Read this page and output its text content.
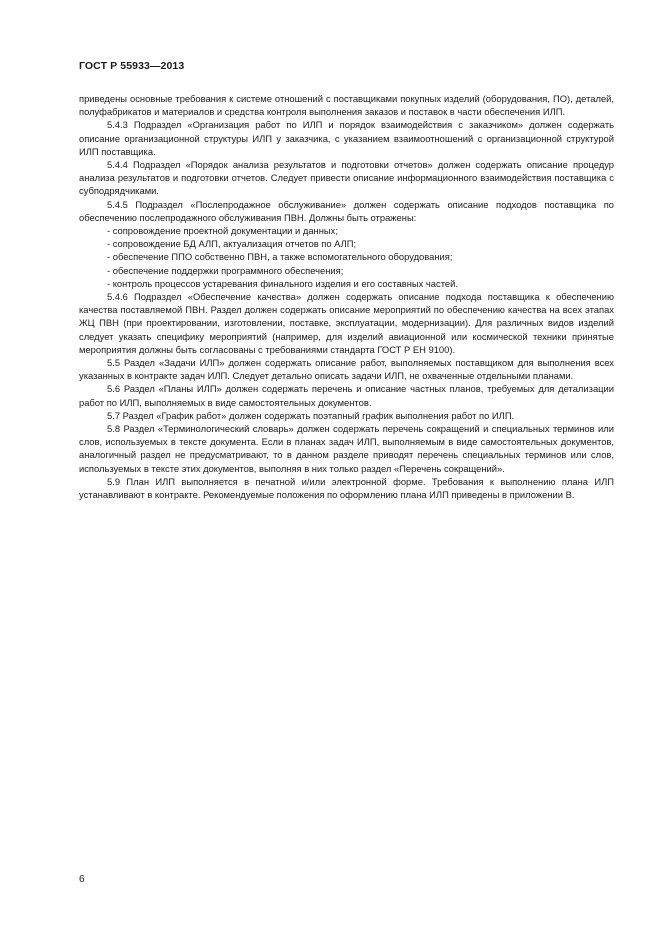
ГОСТ Р 55933—2013

приведены основные требования к системе отношений с поставщиками покупных изделий (оборудования, ПО), деталей, полуфабрикатов и материалов и средства контроля выполнения заказов и поставок в части обеспечения ИЛП.

5.4.3 Подраздел «Организация работ по ИЛП и порядок взаимодействия с заказчиком» должен содержать описание организационной структуры ИЛП у заказчика, с указанием взаимоотношений с организационной структурой ИЛП поставщика.

5.4.4 Подраздел «Порядок анализа результатов и подготовки отчетов» должен содержать описание процедур анализа результатов и подготовки отчетов. Следует привести описание информационного взаимодействия поставщика с субподрядчиками.

5.4.5 Подраздел «Послепродажное обслуживание» должен содержать описание подходов поставщика по обеспечению послепродажного обслуживания ПВН. Должны быть отражены:

- сопровождение проектной документации и данных;
- сопровождение БД АЛП, актуализация отчетов по АЛП;
- обеспечение ППО собственно ПВН, а также вспомогательного оборудования;
- обеспечение поддержки программного обеспечения;
- контроль процессов устаревания финального изделия и его составных частей.

5.4.6 Подраздел «Обеспечение качества» должен содержать описание подхода поставщика к обеспечению качества поставляемой ПВН. Раздел должен содержать описание мероприятий по обеспечению качества на всех этапах ЖЦ ПВН (при проектировании, изготовлении, поставке, эксплуатации, модернизации). Для различных видов изделий следует указать специфику мероприятий (например, для изделий авиационной или космической техники принятые мероприятия должны быть согласованы с требованиями стандарта ГОСТ Р ЕН 9100).

5.5 Раздел «Задачи ИЛП» должен содержать описание работ, выполняемых поставщиком для выполнения всех указанных в контракте задач ИЛП. Следует детально описать задачи ИЛП, не охваченные отдельными планами.

5.6 Раздел «Планы ИЛП» должен содержать перечень и описание частных планов, требуемых для детализации работ по ИЛП, выполняемых в виде самостоятельных документов.

5.7 Раздел «График работ» должен содержать поэтапный график выполнения работ по ИЛП.

5.8 Раздел «Терминологический словарь» должен содержать перечень сокращений и специальных терминов или слов, используемых в тексте документа. Если в планах задач ИЛП, выполняемым в виде самостоятельных документов, аналогичный раздел не предусматривают, то в данном разделе приводят перечень специальных терминов или слов, используемых в тексте этих документов, выполняя в них только раздел «Перечень сокращений».

5.9 План ИЛП выполняется в печатной и/или электронной форме. Требования к выполнению плана ИЛП устанавливают в контракте. Рекомендуемые положения по оформлению плана ИЛП приведены в приложении В.

6
